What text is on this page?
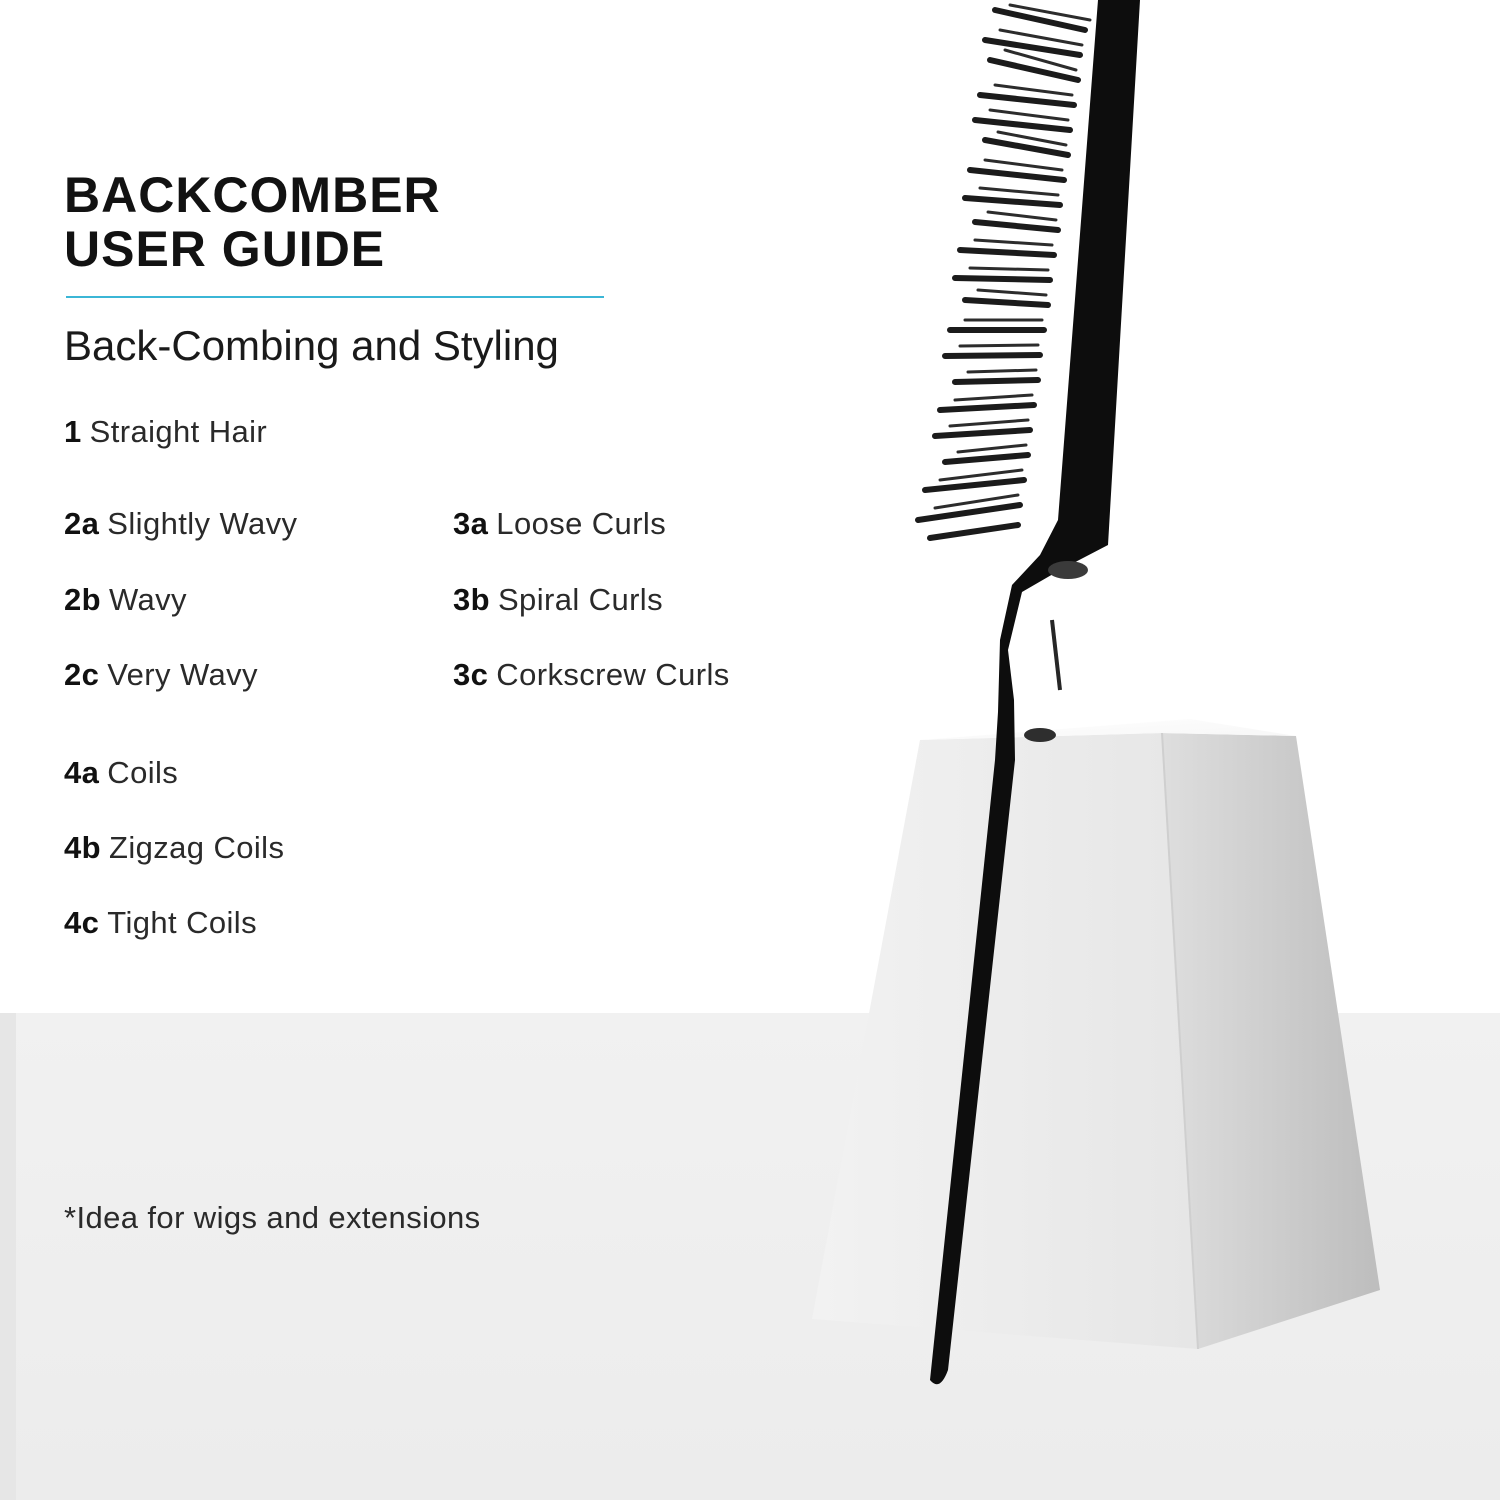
BACKCOMBER
USER GUIDE
Back-Combing and Styling
1 Straight Hair
2a Slightly Wavy
2b Wavy
2c Very Wavy
3a Loose Curls
3b Spiral Curls
3c Corkscrew Curls
4a Coils
4b Zigzag Coils
4c Tight Coils
*Idea for wigs and extensions
